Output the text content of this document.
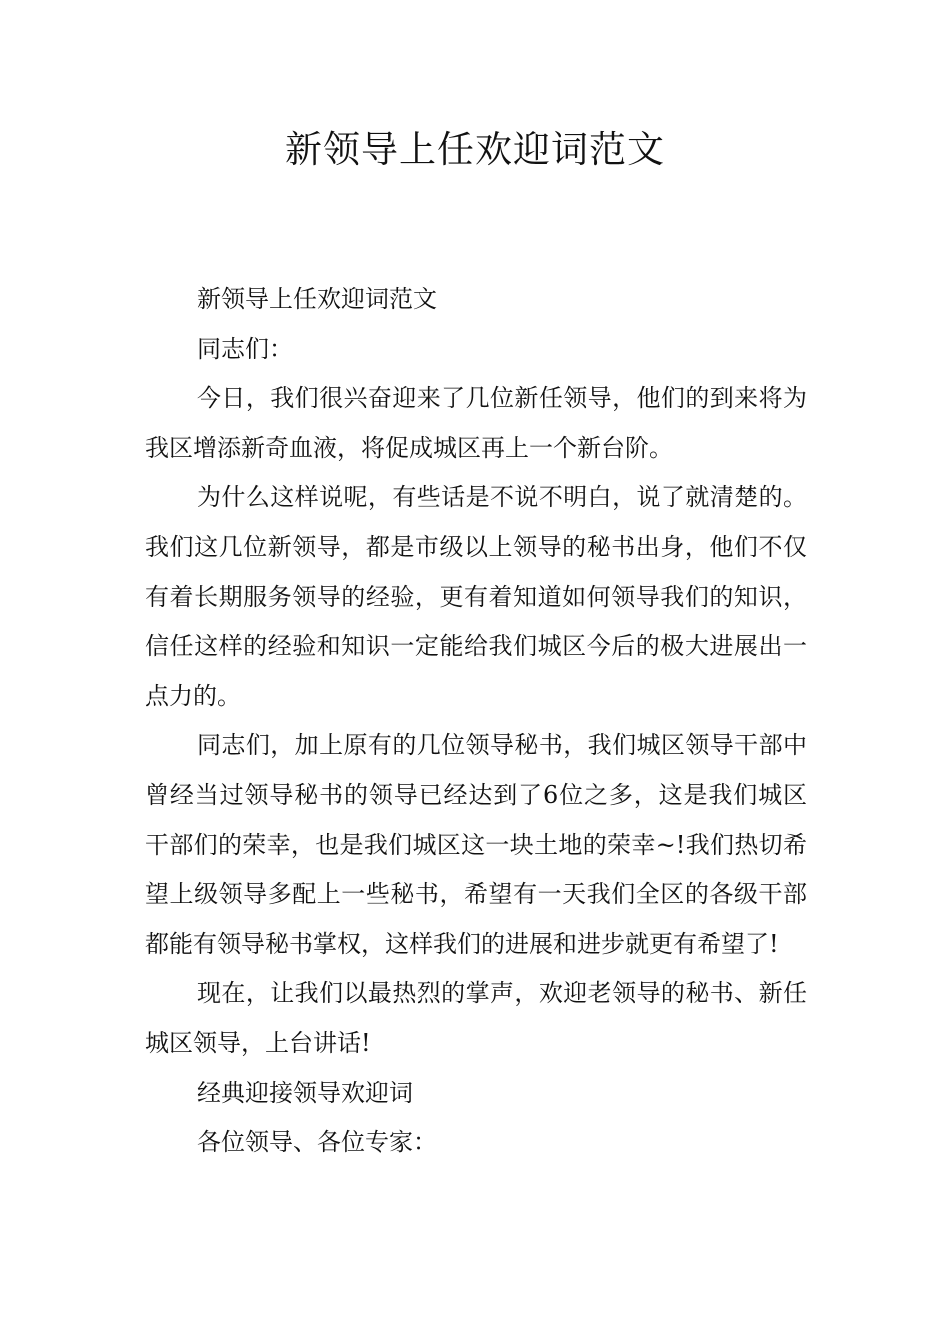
新领导上任欢迎词范文

新领导上任欢迎词范文

同志们：

今日，我们很兴奋迎来了几位新任领导，他们的到来将为我区增添新奇血液，将促成城区再上一个新台阶。

为什么这样说呢，有些话是不说不明白，说了就清楚的。我们这几位新领导，都是市级以上领导的秘书出身，他们不仅有着长期服务领导的经验，更有着知道如何领导我们的知识，信任这样的经验和知识一定能给我们城区今后的极大进展出一点力的。

同志们，加上原有的几位领导秘书，我们城区领导干部中曾经当过领导秘书的领导已经达到了6位之多，这是我们城区干部们的荣幸，也是我们城区这一块土地的荣幸~!我们热切希望上级领导多配上一些秘书，希望有一天我们全区的各级干部都能有领导秘书掌权，这样我们的进展和进步就更有希望了!

现在，让我们以最热烈的掌声，欢迎老领导的秘书、新任城区领导，上台讲话!

经典迎接领导欢迎词

各位领导、各位专家：
